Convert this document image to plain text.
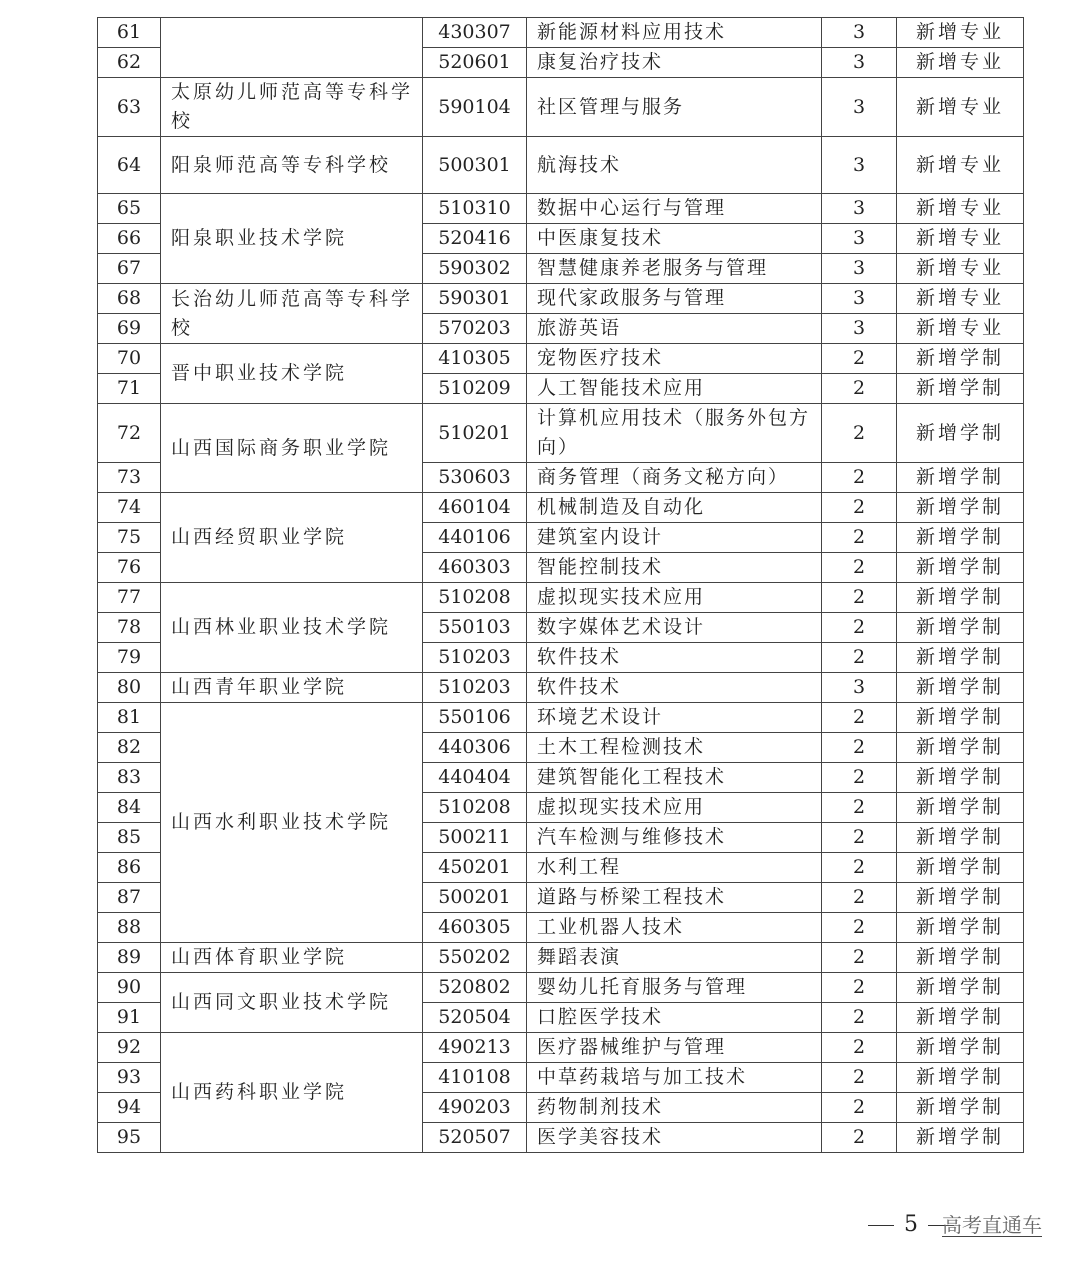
61		430307	新能源材料应用技术	3	新增专业
62		520601	康复治疗技术	3	新增专业
63	太原幼儿师范高等专科学校	590104	社区管理与服务	3	新增专业
64	阳泉师范高等专科学校	500301	航海技术	3	新增专业
65	阳泉职业技术学院	510310	数据中心运行与管理	3	新增专业
66		520416	中医康复技术	3	新增专业
67		590302	智慧健康养老服务与管理	3	新增专业
68	长治幼儿师范高等专科学校	590301	现代家政服务与管理	3	新增专业
69		570203	旅游英语	3	新增专业
70	晋中职业技术学院	410305	宠物医疗技术	2	新增学制
71		510209	人工智能技术应用	2	新增学制
72	山西国际商务职业学院	510201	计算机应用技术（服务外包方向）	2	新增学制
73		530603	商务管理（商务文秘方向）	2	新增学制
74	山西经贸职业学院	460104	机械制造及自动化	2	新增学制
75		440106	建筑室内设计	2	新增学制
76		460303	智能控制技术	2	新增学制
77	山西林业职业技术学院	510208	虚拟现实技术应用	2	新增学制
78		550103	数字媒体艺术设计	2	新增学制
79		510203	软件技术	2	新增学制
80	山西青年职业学院	510203	软件技术	3	新增学制
81	山西水利职业技术学院	550106	环境艺术设计	2	新增学制
82		440306	土木工程检测技术	2	新增学制
83		440404	建筑智能化工程技术	2	新增学制
84		510208	虚拟现实技术应用	2	新增学制
85		500211	汽车检测与维修技术	2	新增学制
86		450201	水利工程	2	新增学制
87		500201	道路与桥梁工程技术	2	新增学制
88		460305	工业机器人技术	2	新增学制
89	山西体育职业学院	550202	舞蹈表演	2	新增学制
90	山西同文职业技术学院	520802	婴幼儿托育服务与管理	2	新增学制
91		520504	口腔医学技术	2	新增学制
92	山西药科职业学院	490213	医疗器械维护与管理	2	新增学制
93		410108	中草药栽培与加工技术	2	新增学制
94		490203	药物制剂技术	2	新增学制
95		520507	医学美容技术	2	新增学制
5	高考直通车
